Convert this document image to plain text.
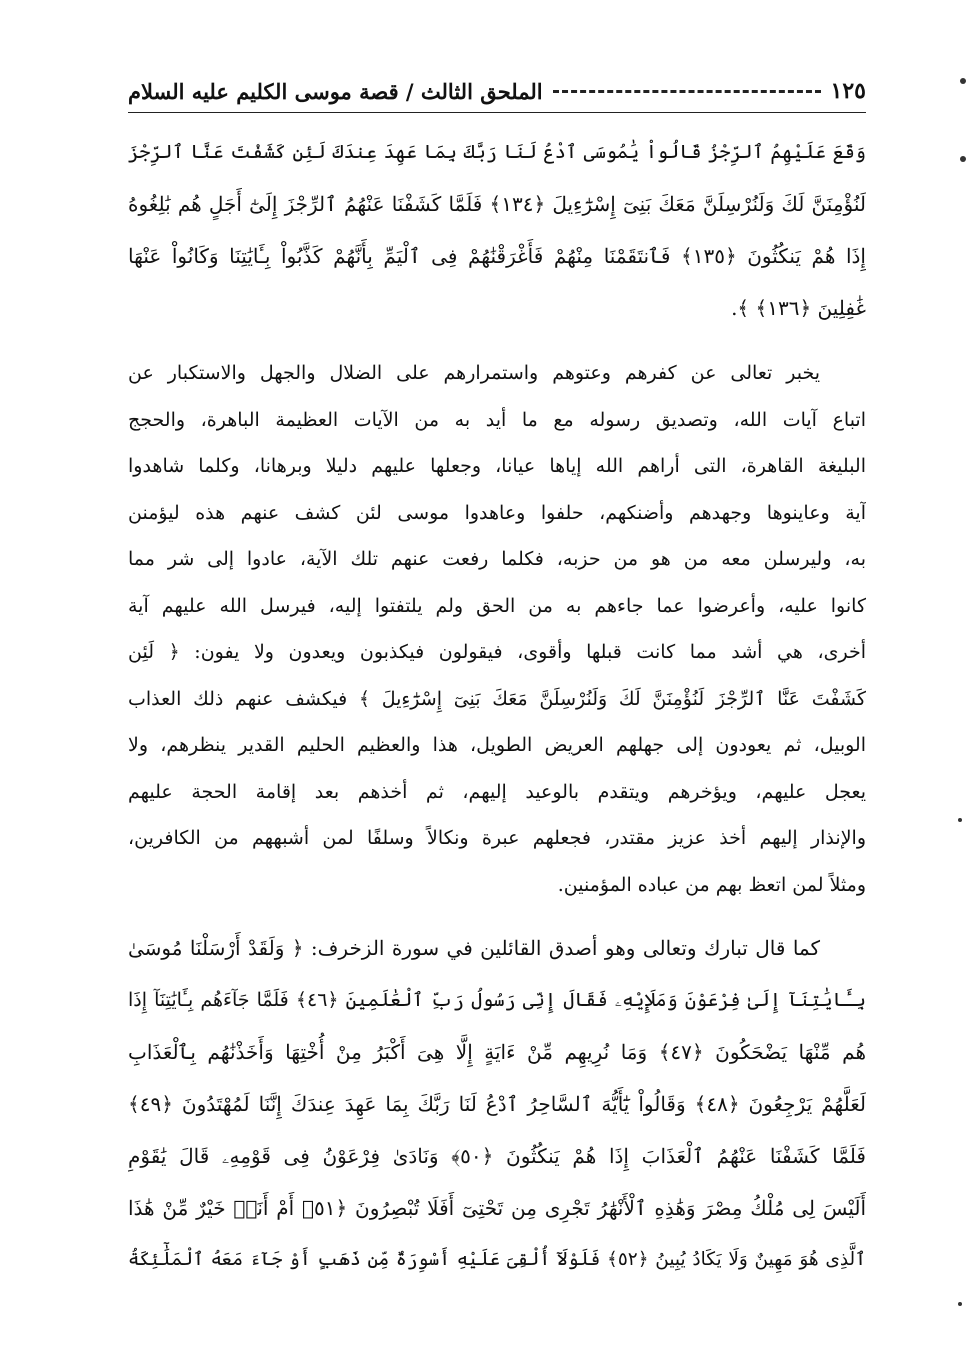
الملحق الثالث / قصة موسى الكليم عليه السلام	١٢٥
وَقَعَ عَلَيْهِمُ ٱلرِّجْزُ قَالُواْ يَٰمُوسَى ٱدْعُ لَنَا رَبَّكَ بِمَا عَهِدَ عِندَكَ لَئِن كَشَفْتَ عَنَّا ٱلرِّجْزَ
لَنُؤْمِنَنَّ لَكَ وَلَنُرْسِلَنَّ مَعَكَ بَنِىٓ إِسْرَٰٓءِيلَ ﴿١٣٤﴾ فَلَمَّا كَشَفْنَا عَنْهُمُ ٱلرِّجْزَ إِلَىٰٓ أَجَلٍ هُم بَٰلِغُوهُ
إِذَا هُمْ يَنكُثُونَ ﴿١٣٥﴾ فَٱنتَقَمْنَا مِنْهُمْ فَأَغْرَقْنَٰهُمْ فِى ٱلْيَمِّ بِأَنَّهُمْ كَذَّبُواْ بِـَٔايَٰتِنَا وَكَانُواْ عَنْهَا
غَٰفِلِينَ ﴿١٣٦﴾ ﴾.
يخبر تعالى عن كفرهم وعتوهم واستمرارهم على الضلال والجهل والاستكبار عن
اتباع آيات الله، وتصديق رسوله مع ما أيد به من الآيات العظيمة الباهرة، والحجج
البليغة القاهرة، التى أراهم الله إياها عيانا، وجعلها عليهم دليلا وبرهانا، وكلما شاهدوا
آية وعاينوها وجهدهم وأضنكهم، حلفوا وعاهدوا موسى لئن كشف عنهم هذه ليؤمنن
به، وليرسلن معه من هو من حزبه، فكلما رفعت عنهم تلك الآية، عادوا إلى شر مما
كانوا عليه، وأعرضوا عما جاءهم به من الحق ولم يلتفتوا إليه، فيرسل الله عليهم آية
أخرى، هي أشد مما كانت قبلها وأقوى، فيقولون فيكذبون ويعدون ولا يفون: ﴿ لَئِن
كَشَفْتَ عَنَّا ٱلرِّجْزَ لَنُؤْمِنَنَّ لَكَ وَلَنُرْسِلَنَّ مَعَكَ بَنِىٓ إِسْرَٰٓءِيلَ ﴾ فيكشف عنهم ذلك العذاب
الوبيل، ثم يعودون إلى جهلهم العريض الطويل، هذا والعظيم الحليم القدير ينظرهم، ولا
يعجل عليهم، ويؤخرهم ويتقدم بالوعيد إليهم، ثم أخذهم بعد إقامة الحجة عليهم
والإنذار إليهم أخذ عزيز مقتدر، فجعلهم عبرة ونكالاً وسلفًا لمن أشبههم من الكافرين،
ومثلاً لمن اتعظ بهم من عباده المؤمنين.
كما قال تبارك وتعالى وهو أصدق القائلين في سورة الزخرف: ﴿ وَلَقَدْ أَرْسَلْنَا مُوسَىٰ
بِـَٔايَٰتِنَآ إِلَىٰ فِرْعَوْنَ وَمَلَإِيْهِۦ فَقَالَ إِنِّى رَسُولُ رَبِّ ٱلْعَٰلَمِينَ ﴿٤٦﴾ فَلَمَّا جَآءَهُم بِـَٔايَٰتِنَآ إِذَا
هُم مِّنْهَا يَضْحَكُونَ ﴿٤٧﴾ وَمَا نُرِيهِم مِّنْ ءَايَةٍ إِلَّا هِىَ أَكْبَرُ مِنْ أُخْتِهَا وَأَخَذْنَٰهُم بِٱلْعَذَابِ
لَعَلَّهُمْ يَرْجِعُونَ ﴿٤٨﴾ وَقَالُواْ يَٰٓأَيُّهَ ٱلسَّاحِرُ ٱدْعُ لَنَا رَبَّكَ بِمَا عَهِدَ عِندَكَ إِنَّنَا لَمُهْتَدُونَ ﴿٤٩﴾
فَلَمَّا كَشَفْنَا عَنْهُمُ ٱلْعَذَابَ إِذَا هُمْ يَنكُثُونَ ﴿٥٠﴾ وَنَادَىٰ فِرْعَوْنُ فِى قَوْمِهِۦ قَالَ يَٰقَوْمِ
أَلَيْسَ لِى مُلْكُ مِصْرَ وَهَٰذِهِ ٱلْأَنْهَٰرُ تَجْرِى مِن تَحْتِىٓ أَفَلَا تُبْصِرُونَ ﴿٥١﴾ أَمْ أَنَا۠ خَيْرٌ مِّنْ هَٰذَا
ٱلَّذِى هُوَ مَهِينٌ وَلَا يَكَادُ يُبِينُ ﴿٥٢﴾ فَلَوْلَآ أُلْقِىَ عَلَيْهِ أَسْوِرَةٌ مِّن ذَهَبٍ أَوْ جَآءَ مَعَهُ ٱلْمَلَٰٓئِكَةُ
